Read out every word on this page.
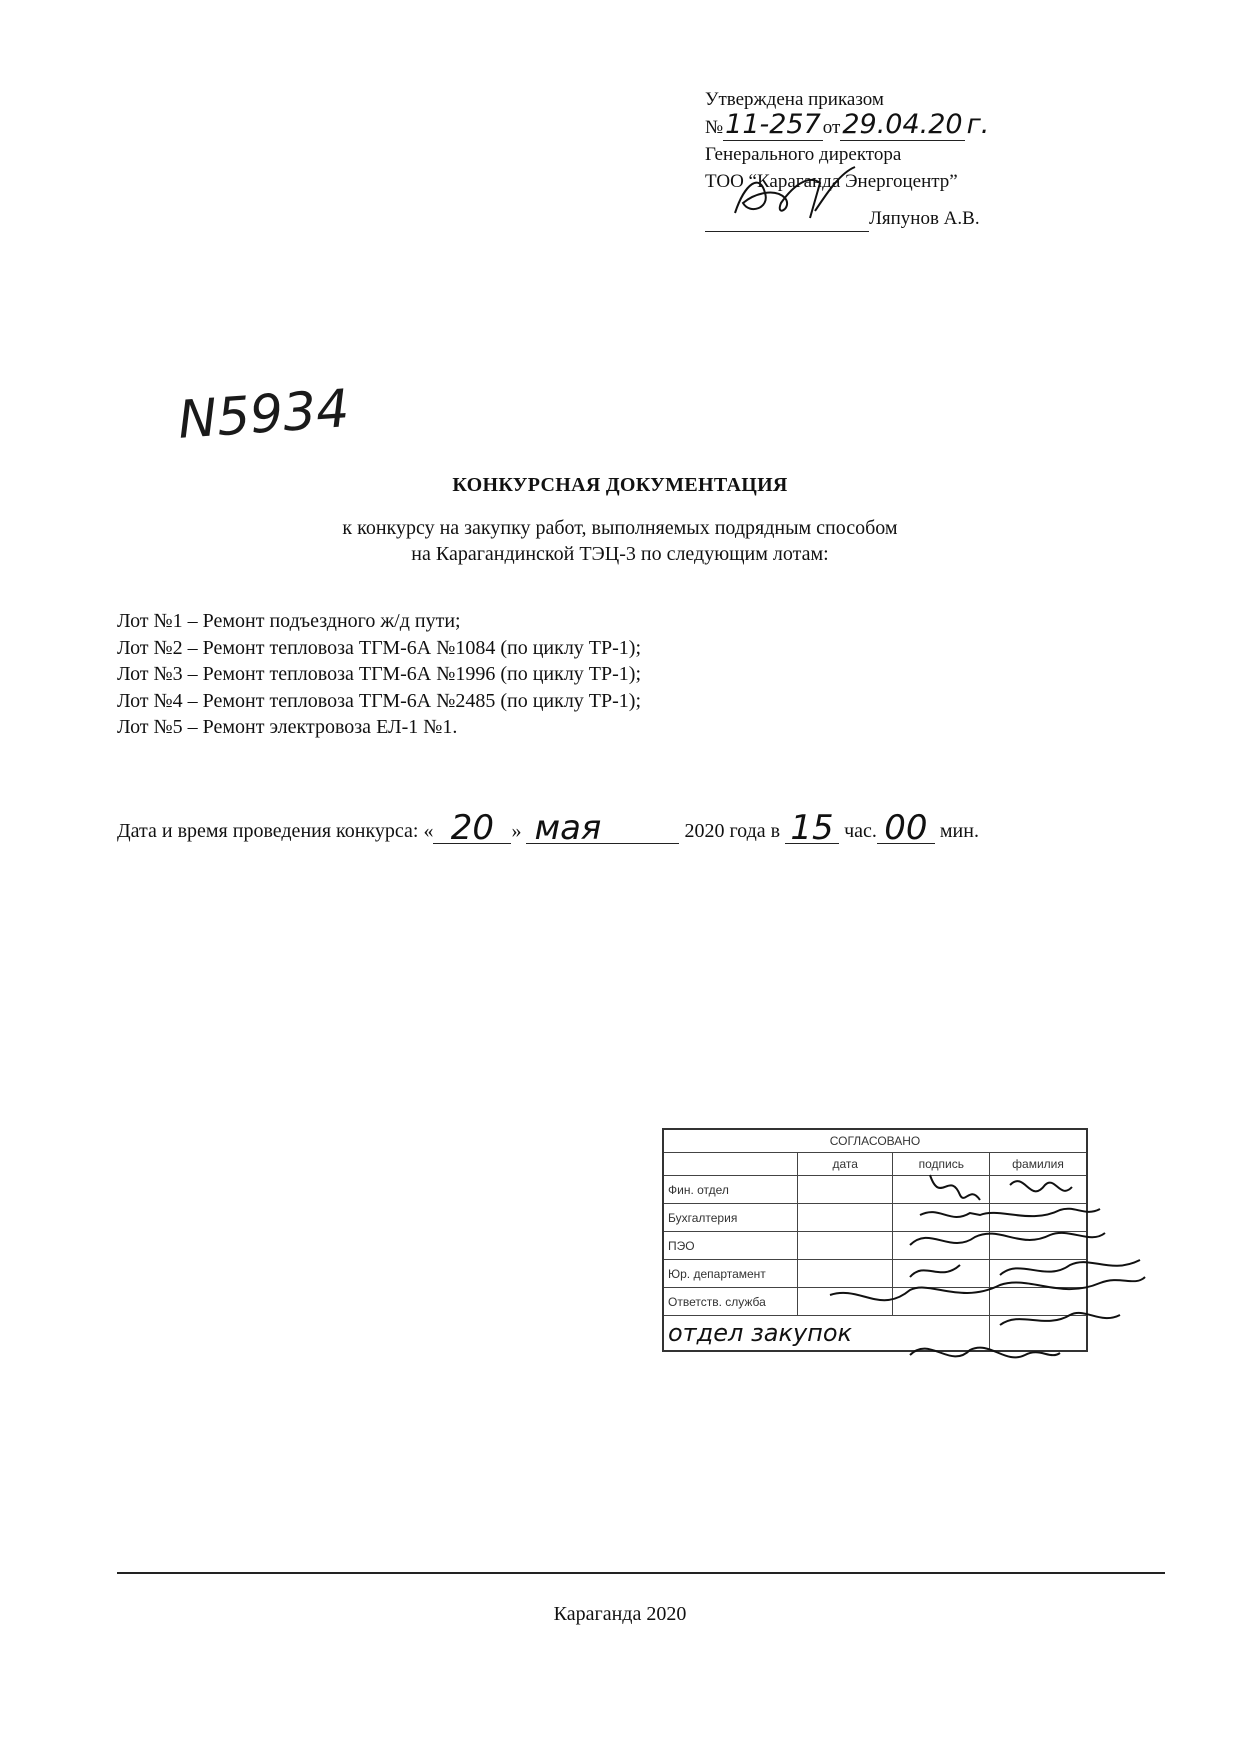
Утверждена приказом
№11-257 от29.04.20 г.
Генерального директора
ТОО “Караганда Энергоцентр”
Ляпунов А.В.
N5934
КОНКУРСНАЯ ДОКУМЕНТАЦИЯ
к конкурсу на закупку работ, выполняемых подрядным способом
на Карагандинской ТЭЦ-3 по следующим лотам:
Лот №1 – Ремонт подъездного ж/д пути;
Лот №2 – Ремонт тепловоза ТГМ-6А №1084 (по циклу ТР-1);
Лот №3 – Ремонт тепловоза ТГМ-6А №1996 (по циклу ТР-1);
Лот №4 – Ремонт тепловоза ТГМ-6А №2485 (по циклу ТР-1);
Лот №5 – Ремонт электровоза ЕЛ-1 №1.
Дата и время проведения конкурса: « 20 » мая	2020 года в 15 час. 00 мин.
СОГЛАСОВАНО			
	дата	подпись	фамилия
Фин. отдел			
Бухгалтерия			
ПЭО			
Юр. департамент			
Ответств. служба			
отдел закупок			
Караганда 2020
